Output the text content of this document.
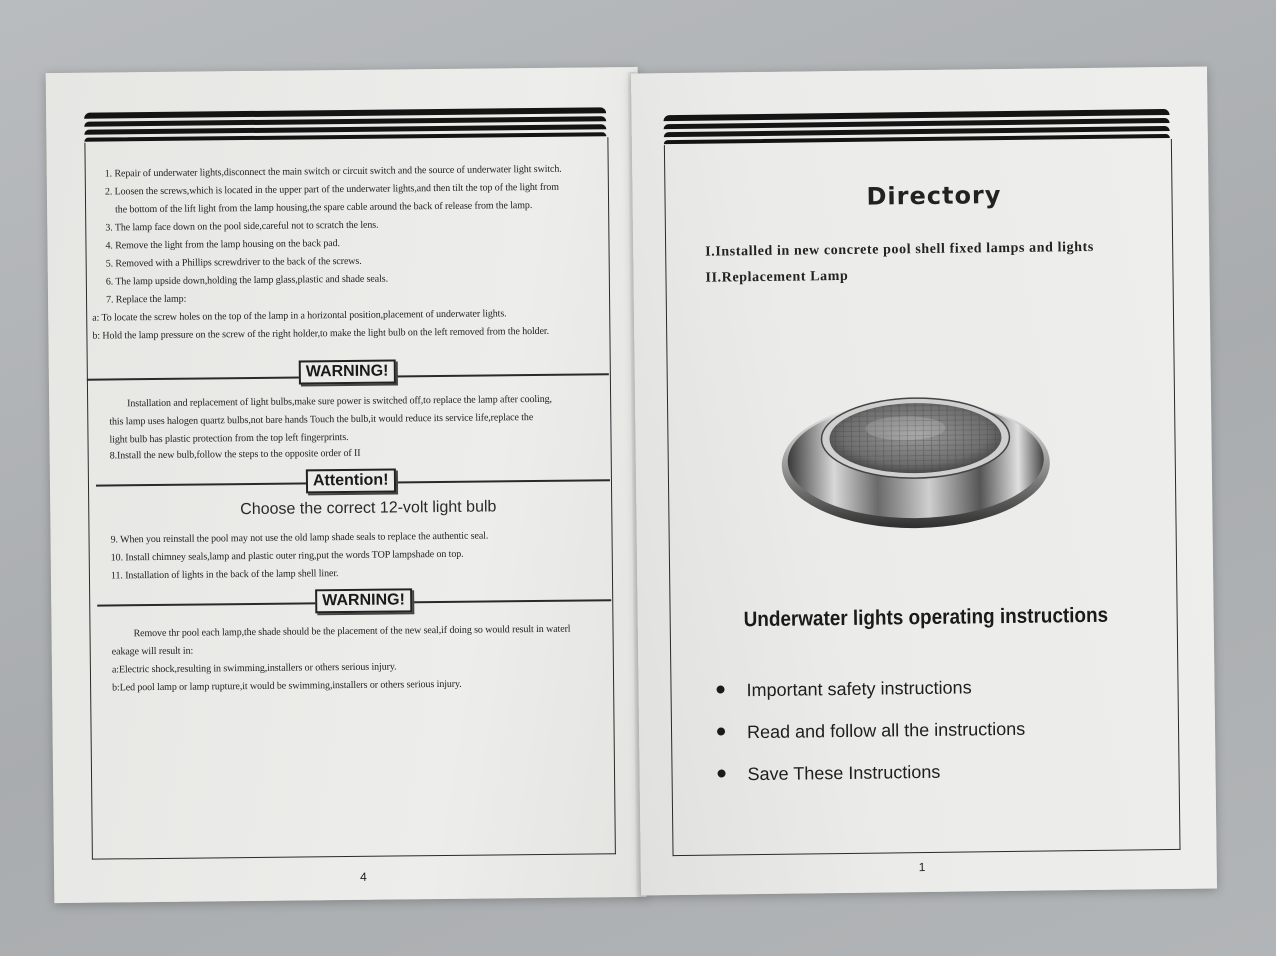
1. Repair of underwater lights,disconnect the main switch or circuit switch and the source of underwater light switch.
2. Loosen the screws,which is located in the upper part of the underwater lights,and then tilt the top of the light from
the bottom of the lift light from the lamp housing,the spare cable around the back of release from the lamp.
3. The lamp face down on the pool side,careful not to scratch the lens.
4. Remove the light from the lamp housing on the back pad.
5. Removed with a Phillips screwdriver to the back of the screws.
6. The lamp upside down,holding the lamp glass,plastic and shade seals.
7. Replace the lamp:
a: To locate the screw holes on the top of the lamp in a horizontal position,placement of underwater lights.
b: Hold the lamp pressure on the screw of the right holder,to make the light bulb on the left removed from the holder.
WARNING!
Installation and replacement of light bulbs,make sure power is switched off,to replace the lamp after cooling,
this lamp uses halogen quartz bulbs,not bare hands Touch the bulb,it would reduce its service life,replace the
light bulb has plastic protection from the top left fingerprints.
8.Install the new bulb,follow the steps to the opposite order of II
Attention!
Choose the correct 12-volt light bulb
9. When you reinstall the pool may not use the old lamp shade seals to replace the authentic seal.
10. Install chimney seals,lamp and plastic outer ring,put the words TOP lampshade on top.
11. Installation of lights in the back of the lamp shell liner.
WARNING!
Remove thr pool each lamp,the shade should be the placement of the new seal,if doing so would result in waterl
eakage will result in:
a:Electric shock,resulting in swimming,installers or others serious injury.
b:Led pool lamp or lamp rupture,it would be swimming,installers or others serious injury.
4
Directory
I.Installed in new concrete pool shell fixed lamps and lights
II.Replacement Lamp
Underwater lights operating instructions
Important safety instructions
Read and follow all the instructions
Save These Instructions
1
